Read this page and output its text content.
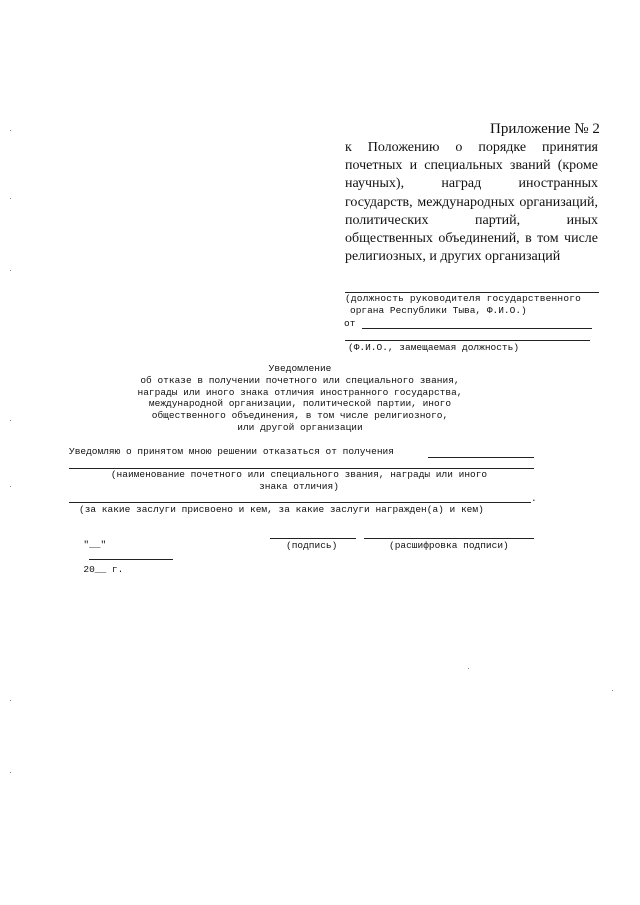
Приложение № 2
к Положению о порядке принятия почетных и специальных званий (кроме научных), наград иностранных государств, международных организаций, политических партий, иных общественных объединений, в том числе религиозных, и других организаций
(должность руководителя государственного
органа Республики Тыва, Ф.И.О.)
от
(Ф.И.О., замещаемая должность)
Уведомление
об отказе в получении почетного или специального звания,
награды или иного знака отличия иностранного государства,
международной организации, политической партии, иного
общественного объединения, в том числе религиозного,
или другой организации
Уведомляю о принятом мною решении отказаться от получения
(наименование почетного или специального звания, награды или иного
знака отличия)
.
(за какие заслуги присвоено и кем, за какие заслуги награжден(а) и кем)

"__"

20__ г.

(подпись)	(расшифровка подписи)
